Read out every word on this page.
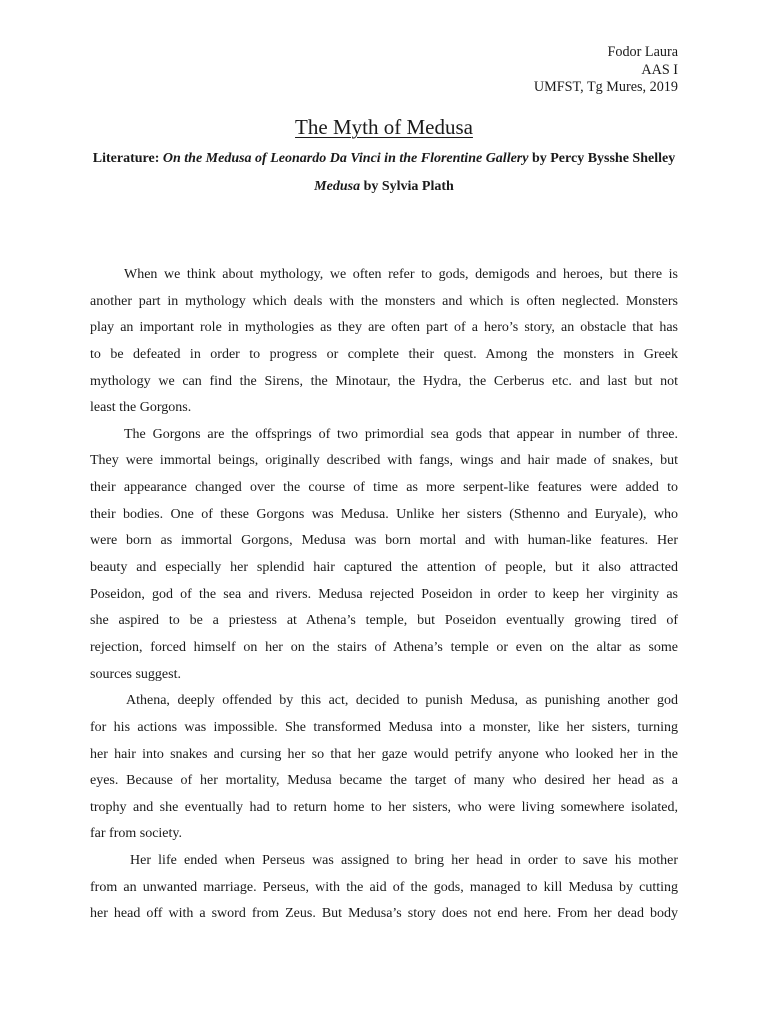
Fodor Laura
AAS I
UMFST, Tg Mures, 2019
The Myth of Medusa
Literature: On the Medusa of Leonardo Da Vinci in the Florentine Gallery by Percy Bysshe Shelley
Medusa by Sylvia Plath
When we think about mythology, we often refer to gods, demigods and heroes, but there is
another part in mythology which deals with the monsters and which is often neglected. Monsters
play an important role in mythologies as they are often part of a hero’s story, an obstacle that has
to be defeated in order to progress or complete their quest. Among the monsters in Greek
mythology we can find the Sirens, the Minotaur, the Hydra, the Cerberus etc. and last but not
least the Gorgons.
The Gorgons are the offsprings of two primordial sea gods that appear in number of three.
They were immortal beings, originally described with fangs, wings and hair made of snakes, but
their appearance changed over the course of time as more serpent-like features were added to
their bodies. One of these Gorgons was Medusa. Unlike her sisters (Sthenno and Euryale), who
were born as immortal Gorgons, Medusa was born mortal and with human-like features. Her
beauty and especially her splendid hair captured the attention of people, but it also attracted
Poseidon, god of the sea and rivers. Medusa rejected Poseidon in order to keep her virginity as
she aspired to be a priestess at Athena’s temple, but Poseidon eventually growing tired of
rejection, forced himself on her on the stairs of Athena’s temple or even on the altar as some
sources suggest.
Athena, deeply offended by this act, decided to punish Medusa, as punishing another god
for his actions was impossible. She transformed Medusa into a monster, like her sisters, turning
her hair into snakes and cursing her so that her gaze would petrify anyone who looked her in the
eyes. Because of her mortality, Medusa became the target of many who desired her head as a
trophy and she eventually had to return home to her sisters, who were living somewhere isolated,
far from society.
Her life ended when Perseus was assigned to bring her head in order to save his mother
from an unwanted marriage. Perseus, with the aid of the gods, managed to kill Medusa by cutting
her head off with a sword from Zeus. But Medusa’s story does not end here. From her dead body
